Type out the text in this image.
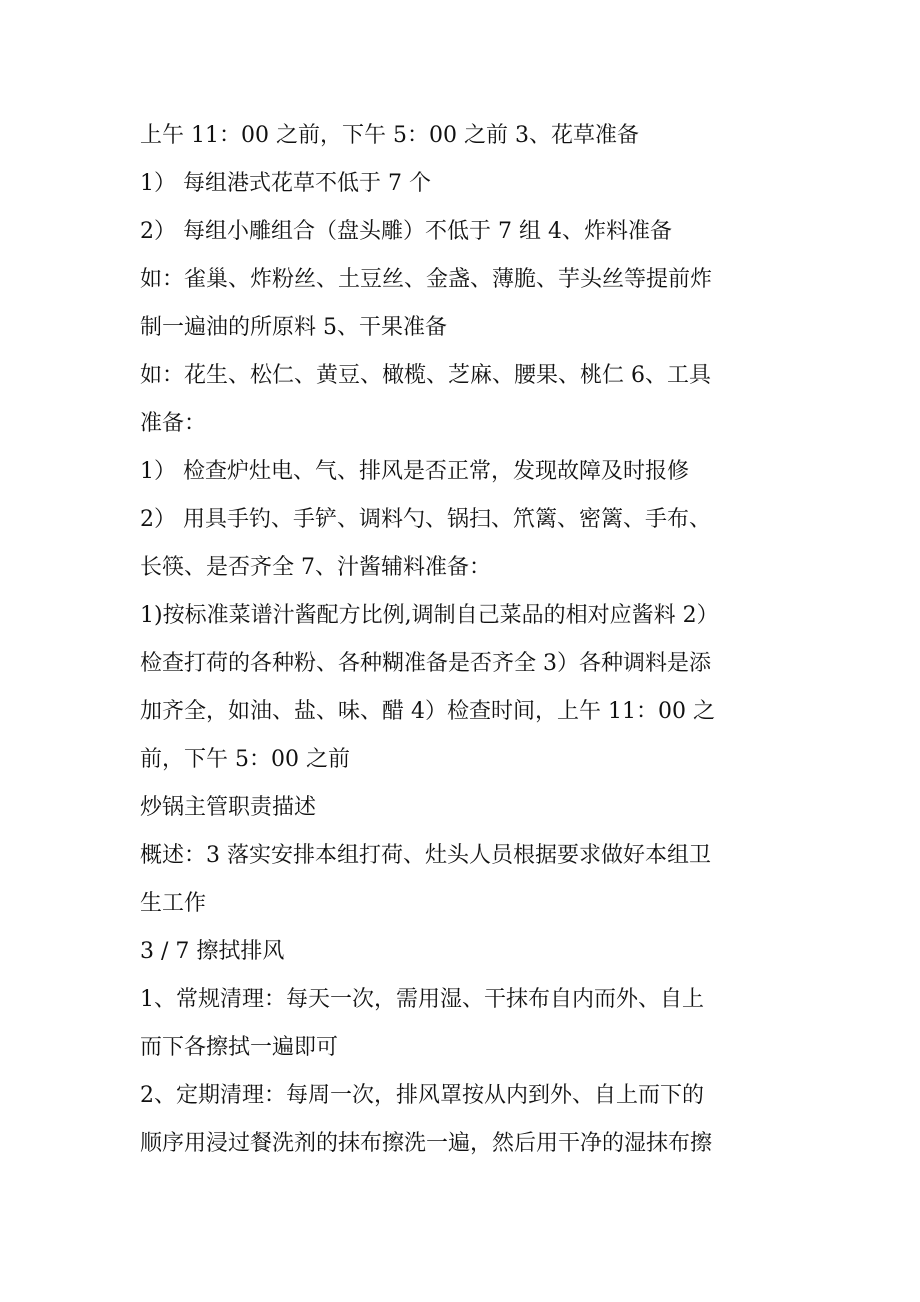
上午 11：00 之前，下午 5：00 之前 3、花草准备
1） 每组港式花草不低于 7 个
2） 每组小雕组合（盘头雕）不低于 7 组 4、炸料准备
如：雀巢、炸粉丝、土豆丝、金盏、薄脆、芋头丝等提前炸
制一遍油的所原料 5、干果准备
如：花生、松仁、黄豆、橄榄、芝麻、腰果、桃仁 6、工具
准备：
1） 检查炉灶电、气、排风是否正常，发现故障及时报修
2） 用具手钓、手铲、调料勺、锅扫、笊篱、密篱、手布、
长筷、是否齐全 7、汁酱辅料准备：
1)按标准菜谱汁酱配方比例,调制自己菜品的相对应酱料 2）
检查打荷的各种粉、各种糊准备是否齐全 3）各种调料是添
加齐全，如油、盐、味、醋 4）检查时间，上午 11：00 之
前，下午 5：00 之前
炒锅主管职责描述
概述：3 落实安排本组打荷、灶头人员根据要求做好本组卫
生工作
3 / 7 擦拭排风
1、常规清理：每天一次，需用湿、干抹布自内而外、自上
而下各擦拭一遍即可
2、定期清理：每周一次，排风罩按从内到外、自上而下的
顺序用浸过餐洗剂的抹布擦洗一遍，然后用干净的湿抹布擦
